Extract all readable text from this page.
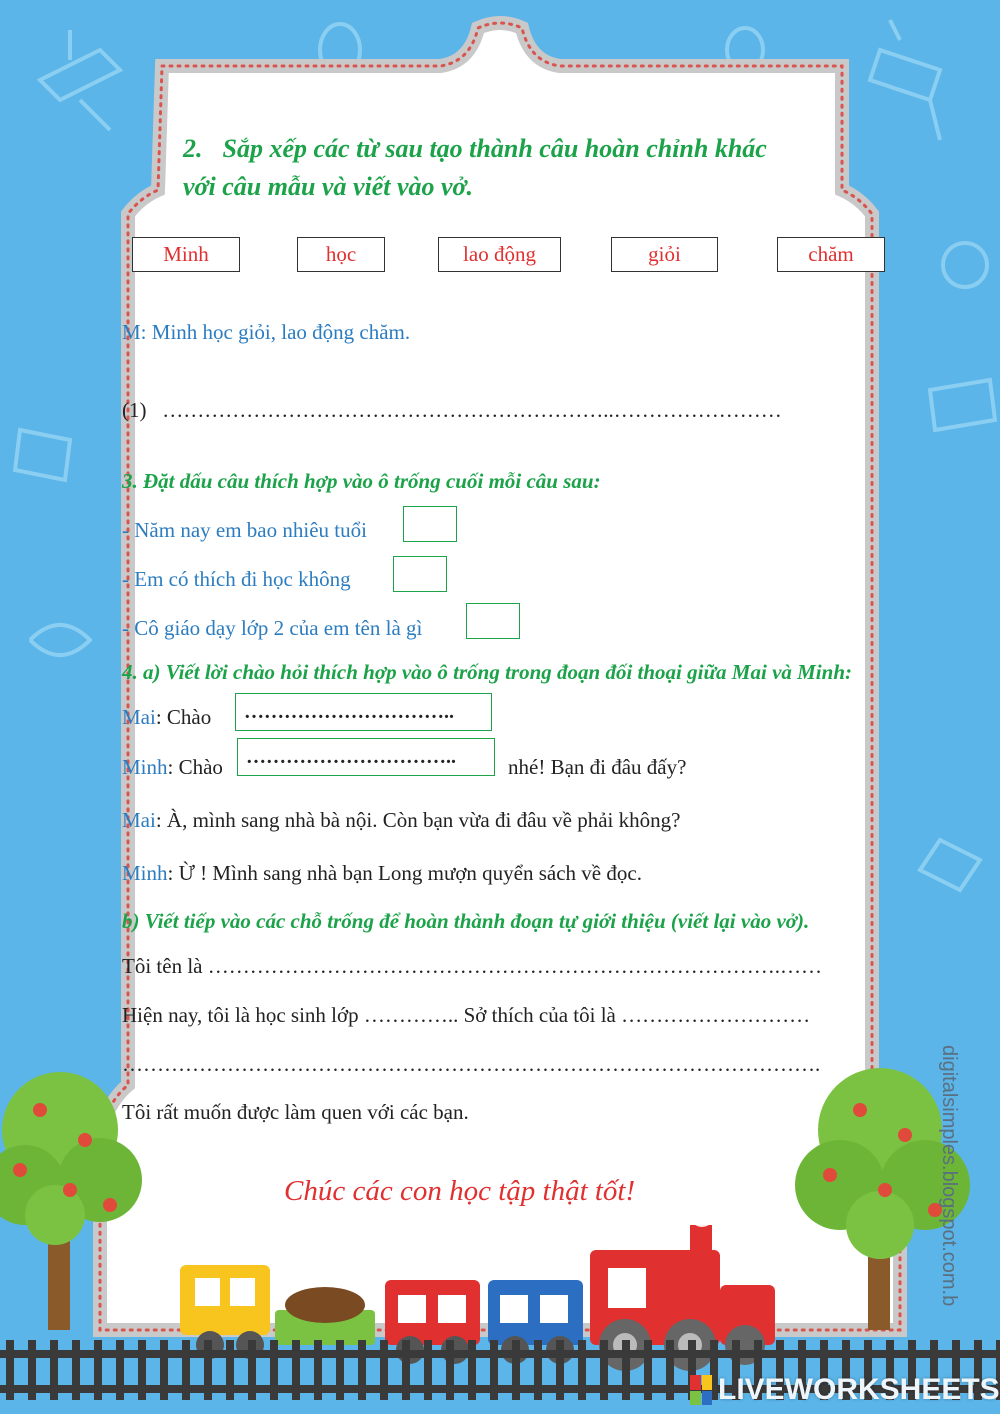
2. Sắp xếp các từ sau tạo thành câu hoàn chỉnh khác
với câu mẫu và viết vào vở.
Minh	học	lao động	giỏi	chăm
M: Minh học giỏi, lao động chăm.
(1) ………………………………………………………..……………………
3. Đặt dấu câu thích hợp vào ô trống cuối mỗi câu sau:
- Năm nay em bao nhiêu tuổi
- Em có thích đi học không
- Cô giáo dạy lớp 2 của em tên là gì
4. a) Viết lời chào hỏi thích hợp vào ô trống trong đoạn đối thoại giữa Mai và Minh:
Mai: Chào	…………………………..
Minh: Chào	…………………………..	nhé! Bạn đi đâu đấy?
Mai: À, mình sang nhà bà nội. Còn bạn vừa đi đâu về phải không?
Minh: Ừ ! Mình sang nhà bạn Long mượn quyển sách về đọc.
b) Viết tiếp vào các chỗ trống để hoàn thành đoạn tự giới thiệu (viết lại vào vở).
Tôi tên là ……………………………………………………………………….……
Hiện nay, tôi là học sinh lớp ………….. Sở thích của tôi là ………………………
……………………………………………………………………………………….
Tôi rất muốn được làm quen với các bạn.
Chúc các con học tập thật tốt!	digitalsimples.blogspot.com.b
LIVEWORKSHEETS
